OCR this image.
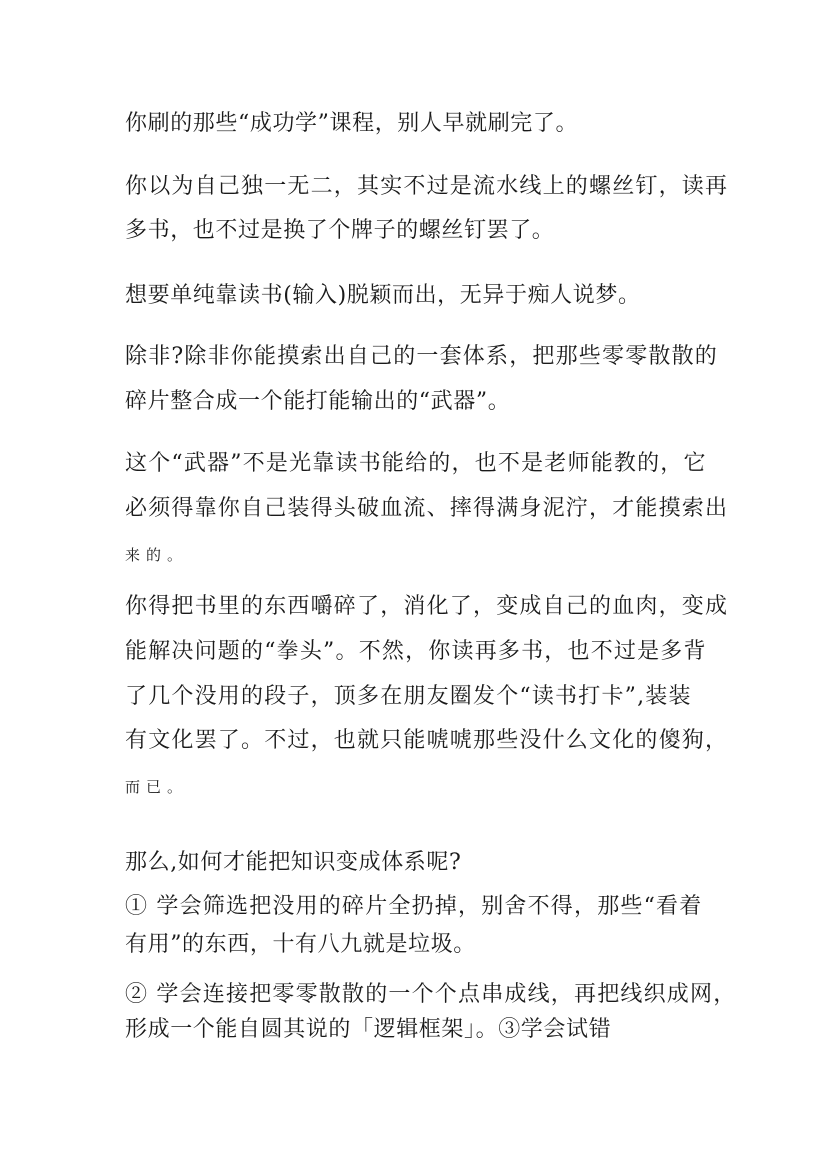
你刷的那些“成功学”课程，别人早就刷完了。
你以为自己独一无二，其实不过是流水线上的螺丝钉，读再
多书，也不过是换了个牌子的螺丝钉罢了。
想要单纯靠读书(输入)脱颖而出，无异于痴人说梦。
除非?除非你能摸索出自己的一套体系，把那些零零散散的
碎片整合成一个能打能输出的“武器”。
这个“武器”不是光靠读书能给的，也不是老师能教的，它
必须得靠你自己装得头破血流、摔得满身泥泞，才能摸索出
来的。
你得把书里的东西嚼碎了，消化了，变成自己的血肉，变成
能解决问题的“拳头”。不然，你读再多书，也不过是多背
了几个没用的段子，顶多在朋友圈发个“读书打卡”,装装
有文化罢了。不过，也就只能唬唬那些没什么文化的傻狗，
而已。
那么,如何才能把知识变成体系呢?
① 学会筛选把没用的碎片全扔掉，别舍不得，那些“看着
有用”的东西，十有八九就是垃圾。
② 学会连接把零零散散的一个个点串成线，再把线织成网，
形成一个能自圆其说的「逻辑框架」。③学会试错
